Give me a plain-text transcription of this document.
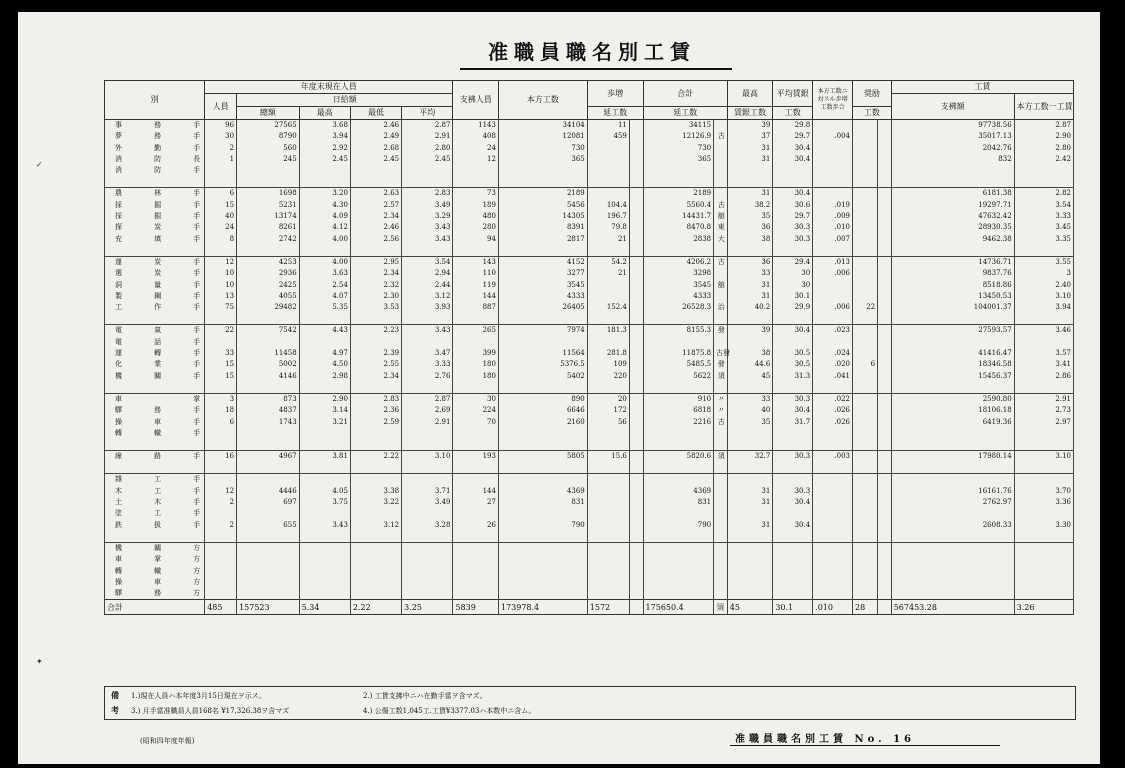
✓
✦
准職員職名別工賃
別	年度末現在人員					支拂人員	本方工数	歩増		合計		最高	平均賃銀	本方工数ニ対スル歩増工数歩合	奨励		工賃	
	人員	日給額															支拂額	本方工数一工賃
		總額	最高	最低	平均			延工数		延工数		賃銀工数	工数		工数			
事務手	96	27565	3.68	2.46	2.87	1143	34104	11		34115		39	29.8				97738.56	2.87
夢務手	30	8790	3.94	2.49	2.91	408	12081	459		12126.9	古	37	29.7	.004			35017.13	2.90
外勤手	2	560	2.92	2.68	2.80	24	730			730		31	30.4				2042.76	2.80
消防長	1	245	2.45	2.45	2.45	12	365			365		31	30.4				832	2.42
消防手																		

農林手	6	1698	3.20	2.63	2.83	73	2189			2189		31	30.4				6181.38	2.82
採掘手	15	5231	4.30	2.57	3.49	189	5456	104.4		5560.4	古	38.2	30.6	.019			19297.71	3.54
採掘手	40	13174	4.09	2.34	3.29	480	14305	196.7		14431.7	舘	35	29.7	.009			47632.42	3.33
探炭手	24	8261	4.12	2.46	3.43	280	8391	79.8		8470.8	東	36	30.3	.010			28930.35	3.45
充填手	8	2742	4.00	2.56	3.43	94	2817	21		2838	大	38	30.3	.007			9462.38	3.35

運炭手	12	4253	4.00	2.95	3.54	143	4152	54.2		4206.2	古	36	29.4	.013			14736.71	3.55
選炭手	10	2936	3.63	2.34	2.94	110	3277	21		3298		33	30	.006			9837.76	3
洞量手	10	2425	2.54	2.32	2.44	119	3545			3545	舘	31	30				8518.86	2.40
製鋼手	13	4055	4.07	2.30	3.12	144	4333			4333		31	30.1				13450.53	3.10
工作手	75	29482	5.35	3.53	3.93	887	26405	152.4		26528.3	治	40.2	29.9	.006	22		104001.37	3.94

電氣手	22	7542	4.43	2.23	3.43	265	7974	181.3		8155.3	發	39	30.4	.023			27593.57	3.46
電話手																		
運轉手	33	11458	4.97	2.39	3.47	399	11564	281.8		11875.8	古發	38	30.5	.024			41416.47	3.57
化業手	15	5002	4.50	2.55	3.33	180	5376.5	109		5485.5	發	44.6	30.5	.020	6		18346.58	3.41
機關手	15	4146	2.98	2.34	2.76	180	5402	220		5622	須	45	31.3	.041			15456.37	2.86

車掌	3	873	2.90	2.83	2.87	30	890	20		910	〃	33	30.3	.022			2590.80	2.91
驛務手	18	4837	3.14	2.36	2.69	224	6646	172		6818	〃	40	30.4	.026			18106.18	2.73
操車手	6	1743	3.21	2.59	2.91	70	2160	56		2216	古	35	31.7	.026			6419.36	2.97
轉轍手																		

線路手	16	4967	3.81	2.22	3.10	193	5805	15.6		5820.6	須	32.7	30.3	.003			17980.14	3.10

雜工手																		
木工手	12	4446	4.05	3.38	3.71	144	4369			4369		31	30.3				16161.76	3.70
土木手	2	697	3.75	3.22	3.49	27	831			831		31	30.4				2762.97	3.36
塗工手																		
鉄扱手	2	655	3.43	3.12	3.28	26	790			790		31	30.4				2608.33	3.30

機關方																		
車掌方																		
轉轍方																		
操車方																		
驛務方																		
合計	485	157523	5.34	2.22	3.25	5839	173978.4	1572		175650.4	須	45	30.1	.010	28		567453.28	3.26
備
考
1.)現在人員ハ本年度3月15日現在ヲ示ス。	2.) 工賃支拂中ニハ在勤手當ヲ含マズ。
3.) 月手當准職員人員168名 ¥17,326.38ヲ含マズ	4.) 公傷工数1,045工.工賃¥3377.03ハ本数中ニ含ム。
(昭和四年度年報)	准職員職名別工賃 No. 16
